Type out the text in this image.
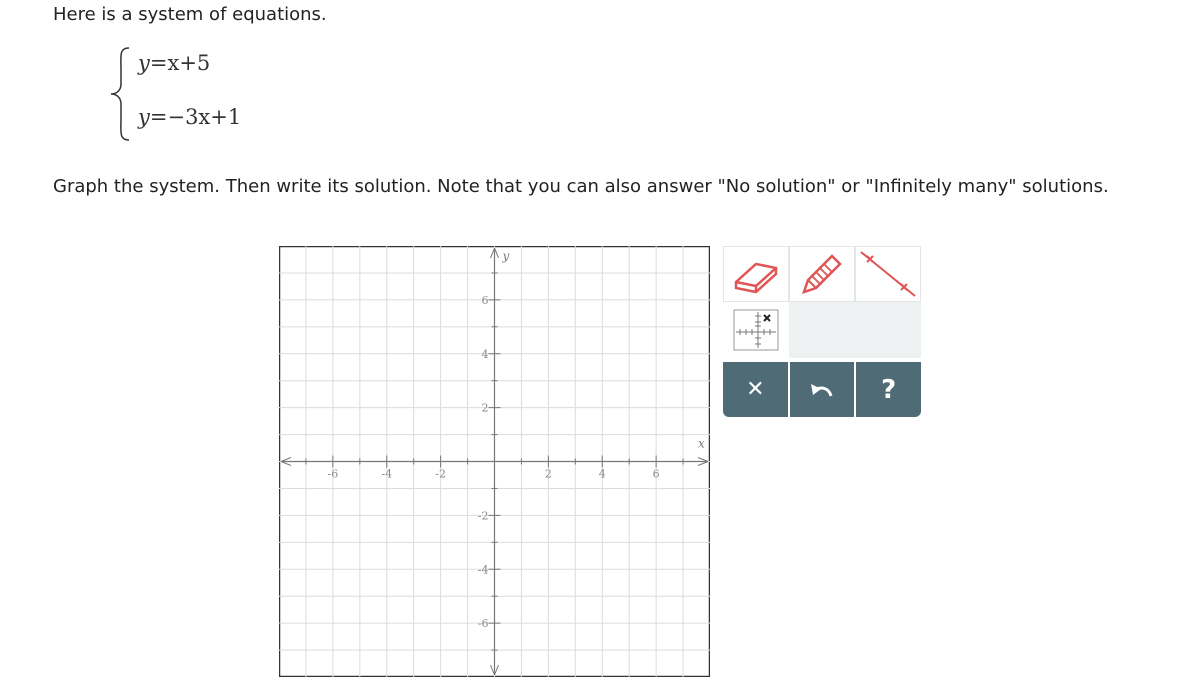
Here is a system of equations.
y=x+5
y=−3x+1
Graph the system. Then write its solution. Note that you can also answer "No solution" or "Infinitely many" solutions.
-6	-4	-2	2	4	6
6
4
2
-2
-4
-6
x
y
✕	?
